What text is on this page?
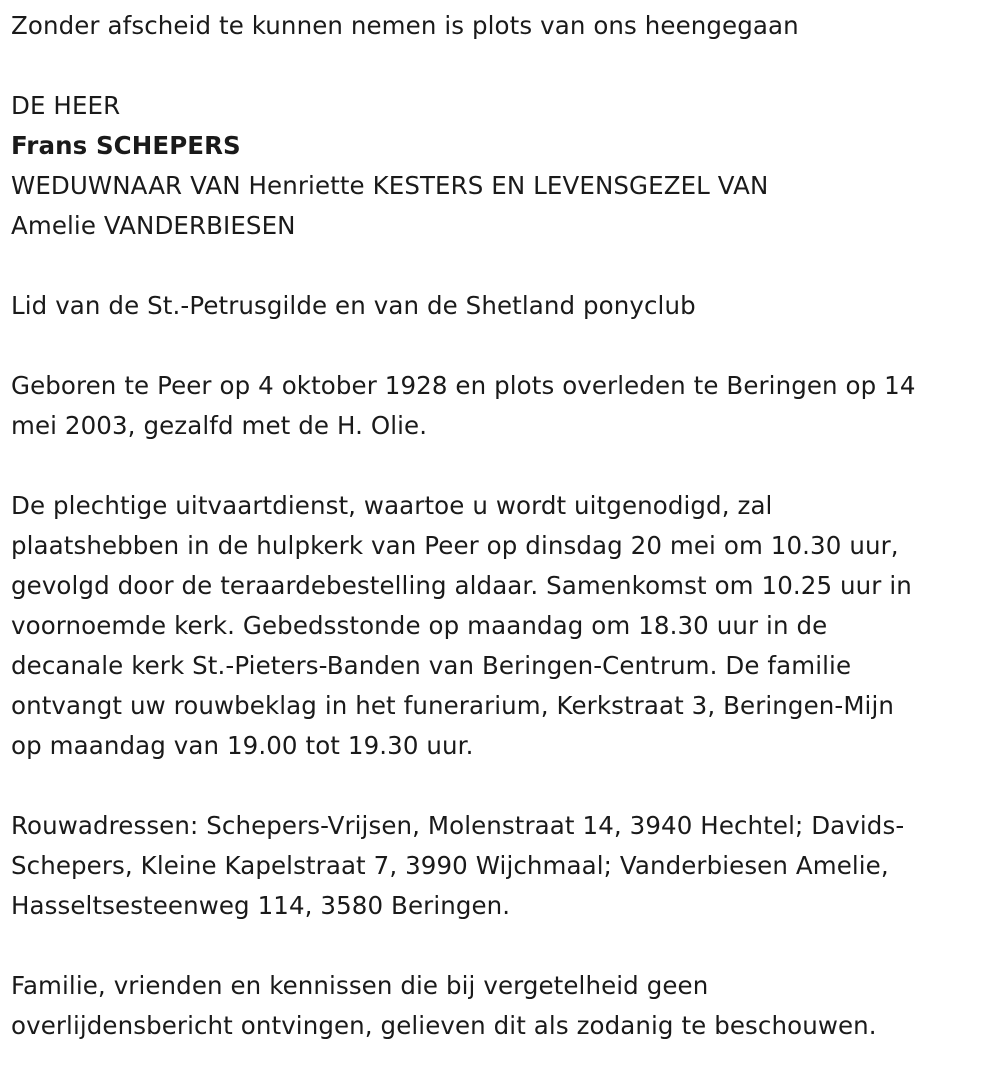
Zonder afscheid te kunnen nemen is plots van ons heengegaan

DE HEER

Frans SCHEPERS

WEDUWNAAR VAN Henriette KESTERS EN LEVENSGEZEL VAN

Amelie VANDERBIESEN

Lid van de St.-Petrusgilde en van de Shetland ponyclub

Geboren te Peer op 4 oktober 1928 en plots overleden te Beringen op 14

mei 2003, gezalfd met de H. Olie.

De plechtige uitvaartdienst, waartoe u wordt uitgenodigd, zal

plaatshebben in de hulpkerk van Peer op dinsdag 20 mei om 10.30 uur,

gevolgd door de teraardebestelling aldaar. Samenkomst om 10.25 uur in

voornoemde kerk. Gebedsstonde op maandag om 18.30 uur in de

decanale kerk St.-Pieters-Banden van Beringen-Centrum. De familie

ontvangt uw rouwbeklag in het funerarium, Kerkstraat 3, Beringen-Mijn

op maandag van 19.00 tot 19.30 uur.

Rouwadressen: Schepers-Vrijsen, Molenstraat 14, 3940 Hechtel; Davids-

Schepers, Kleine Kapelstraat 7, 3990 Wijchmaal; Vanderbiesen Amelie,

Hasseltsesteenweg 114, 3580 Beringen.

Familie, vrienden en kennissen die bij vergetelheid geen

overlijdensbericht ontvingen, gelieven dit als zodanig te beschouwen.
